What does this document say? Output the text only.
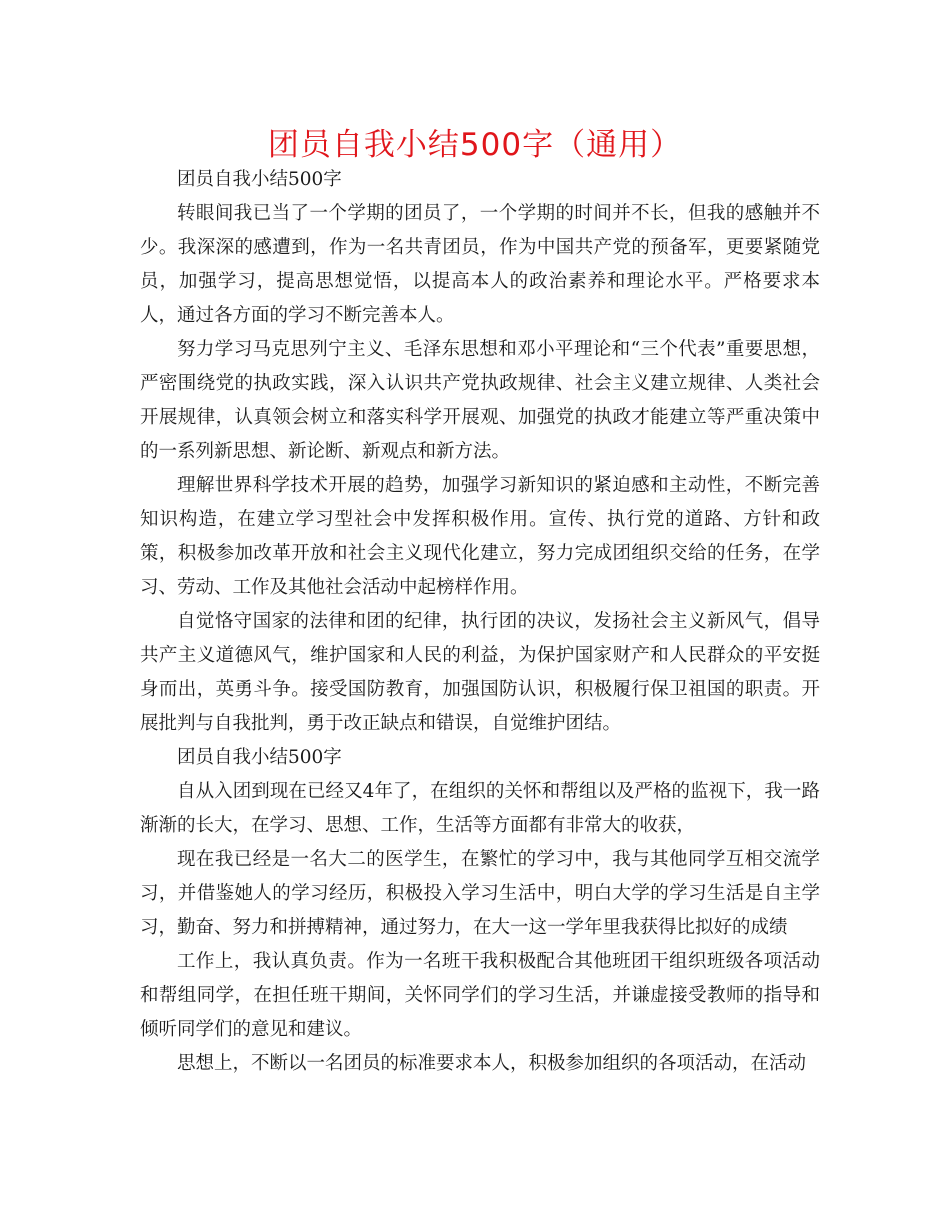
团员自我小结500字（通用）

团员自我小结500字

转眼间我已当了一个学期的团员了，一个学期的时间并不长，但我的感触并不少。我深深的感遭到，作为一名共青团员，作为中国共产党的预备军，更要紧随党员，加强学习，提高思想觉悟，以提高本人的政治素养和理论水平。严格要求本人，通过各方面的学习不断完善本人。

努力学习马克思列宁主义、毛泽东思想和邓小平理论和“三个代表”重要思想，严密围绕党的执政实践，深入认识共产党执政规律、社会主义建立规律、人类社会开展规律，认真领会树立和落实科学开展观、加强党的执政才能建立等严重决策中的一系列新思想、新论断、新观点和新方法。

理解世界科学技术开展的趋势，加强学习新知识的紧迫感和主动性，不断完善知识构造，在建立学习型社会中发挥积极作用。宣传、执行党的道路、方针和政策，积极参加改革开放和社会主义现代化建立，努力完成团组织交给的任务，在学习、劳动、工作及其他社会活动中起榜样作用。

自觉恪守国家的法律和团的纪律，执行团的决议，发扬社会主义新风气，倡导共产主义道德风气，维护国家和人民的利益，为保护国家财产和人民群众的平安挺身而出，英勇斗争。接受国防教育，加强国防认识，积极履行保卫祖国的职责。开展批判与自我批判，勇于改正缺点和错误，自觉维护团结。

团员自我小结500字

自从入团到现在已经又4年了，在组织的关怀和帮组以及严格的监视下，我一路渐渐的长大，在学习、思想、工作，生活等方面都有非常大的收获，

现在我已经是一名大二的医学生，在繁忙的学习中，我与其他同学互相交流学习，并借鉴她人的学习经历，积极投入学习生活中，明白大学的学习生活是自主学习，勤奋、努力和拼搏精神，通过努力，在大一这一学年里我获得比拟好的成绩

工作上，我认真负责。作为一名班干我积极配合其他班团干组织班级各项活动和帮组同学，在担任班干期间，关怀同学们的学习生活，并谦虚接受教师的指导和倾听同学们的意见和建议。

思想上，不断以一名团员的标准要求本人，积极参加组织的各项活动，在活动
